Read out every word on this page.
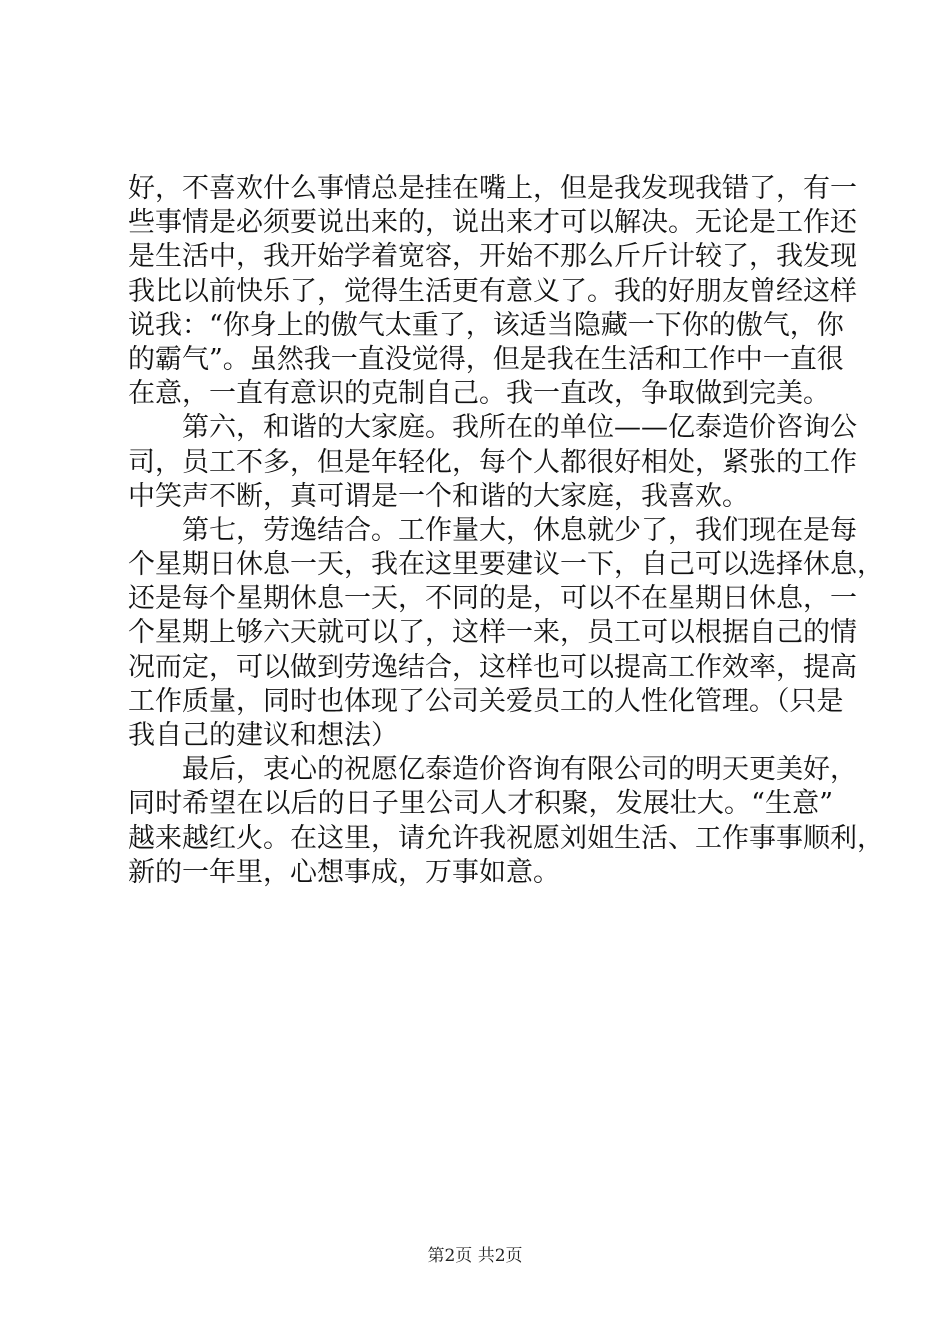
好，不喜欢什么事情总是挂在嘴上，但是我发现我错了，有一
些事情是必须要说出来的，说出来才可以解决。无论是工作还
是生活中，我开始学着宽容，开始不那么斤斤计较了，我发现
我比以前快乐了，觉得生活更有意义了。我的好朋友曾经这样
说我：“你身上的傲气太重了，该适当隐藏一下你的傲气，你
的霸气”。虽然我一直没觉得，但是我在生活和工作中一直很
在意，一直有意识的克制自己。我一直改，争取做到完美。
第六，和谐的大家庭。我所在的单位——亿泰造价咨询公
司，员工不多，但是年轻化，每个人都很好相处，紧张的工作
中笑声不断，真可谓是一个和谐的大家庭，我喜欢。
第七，劳逸结合。工作量大，休息就少了，我们现在是每
个星期日休息一天，我在这里要建议一下，自己可以选择休息，
还是每个星期休息一天，不同的是，可以不在星期日休息，一
个星期上够六天就可以了，这样一来，员工可以根据自己的情
况而定，可以做到劳逸结合，这样也可以提高工作效率，提高
工作质量，同时也体现了公司关爱员工的人性化管理。（只是
我自己的建议和想法）
最后，衷心的祝愿亿泰造价咨询有限公司的明天更美好，
同时希望在以后的日子里公司人才积聚，发展壮大。“生意”
越来越红火。在这里，请允许我祝愿刘姐生活、工作事事顺利，
新的一年里，心想事成，万事如意。
第2页 共2页
